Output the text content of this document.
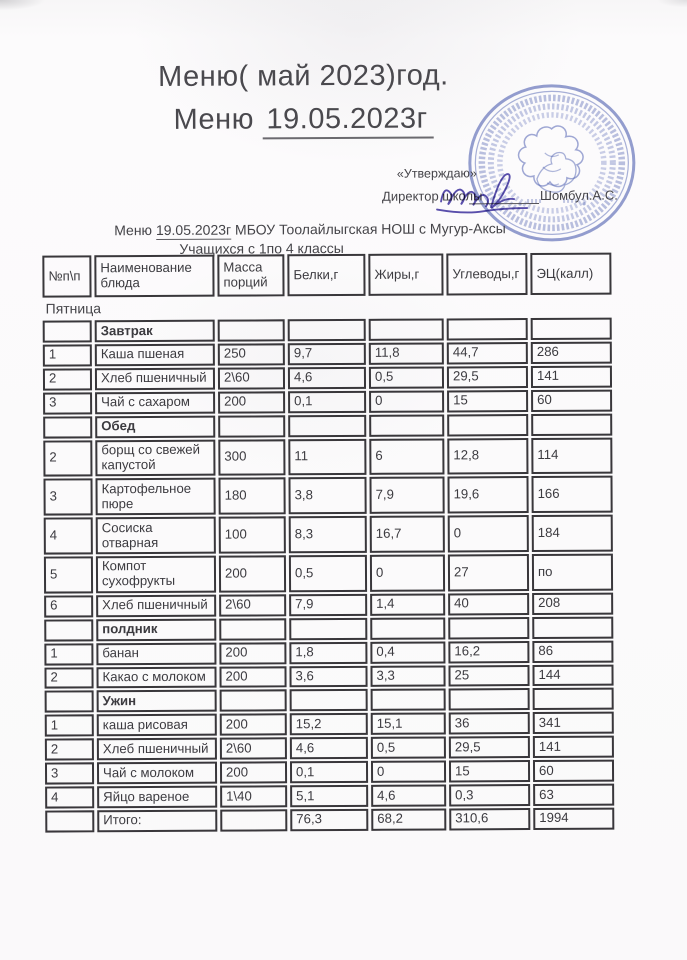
Меню( май 2023)год.
Меню 19.05.2023г
«Утверждаю»
Директор школы	Шомбул.А.С.
Меню 19.05.2023г МБОУ Тоолайлыгская НОШ с Мугур-Аксы
Учащихся с 1по 4 классы
№п\п	Наименование блюда	Масса порций	Белки,г	Жиры,г	Углеводы,г	ЭЦ(калл)
Пятница
	Завтрак					
1	Каша пшеная	250	9,7	11,8	44,7	286
2	Хлеб пшеничный	2\60	4,6	0,5	29,5	141
3	Чай с сахаром	200	0,1	0	15	60
	Обед					
2	борщ со свежей капустой	300	11	6	12,8	114
3	Картофельное пюре	180	3,8	7,9	19,6	166
4	Сосиска отварная	100	8,3	16,7	0	184
5	Компот сухофрукты	200	0,5	0	27	по
6	Хлеб пшеничный	2\60	7,9	1,4	40	208
	полдник					
1	банан	200	1,8	0,4	16,2	86
2	Какао с молоком	200	3,6	3,3	25	144
	Ужин					
1	каша рисовая	200	15,2	15,1	36	341
2	Хлеб пшеничный	2\60	4,6	0,5	29,5	141
3	Чай с молоком	200	0,1	0	15	60
4	Яйцо вареное	1\40	5,1	4,6	0,3	63
	Итого:		76,3	68,2	310,6	1994
